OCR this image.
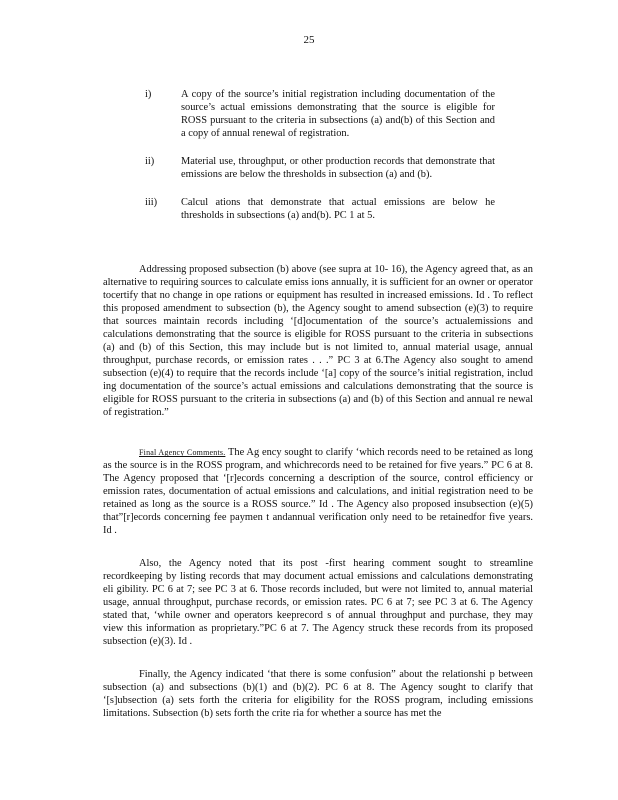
25
i)	A copy of the source’s initial registration including documentation of the source’s actual emissions demonstrating that the source is eligible for ROSS pursuant to the criteria in subsections (a) and(b) of this Section and a copy of annual renewal of registration.
ii)	Material use, throughput, or other production records that demonstrate that emissions are below the thresholds in subsection (a) and (b).
iii)	Calcul ations that demonstrate that actual emissions are below he thresholds in subsections (a) and(b). PC 1 at 5.

Addressing proposed subsection (b) above (see supra at 10- 16), the Agency agreed that, as an alternative to requiring sources to calculate emiss ions annually, it is sufficient for an owner or operator tocertify that no change in ope rations or equipment has resulted in increased emissions. Id . To reflect this proposed amendment to subsection (b), the Agency sought to amend subsection (e)(3) to require that sources maintain records including ‘[d]ocumentation of the source’s actualemissions and calculations demonstrating that the source is eligible for ROSS pursuant to the criteria in subsections (a) and (b) of this Section, this may include but is not limited to, annual material usage, annual throughput, purchase records, or emission rates . . .” PC 3 at 6.The Agency also sought to amend subsection (e)(4) to require that the records include ‘[a] copy of the source’s initial registration, includ ing documentation of the source’s actual emissions and calculations demonstrating that the source is eligible for ROSS pursuant to the criteria in subsections (a) and (b) of this Section and annual re newal of registration.”

Final Agency Comments. The Ag ency sought to clarify ‘which records need to be retained as long as the source is in the ROSS program, and whichrecords need to be retained for five years.” PC 6 at 8. The Agency proposed that ‘[r]ecords concerning a description of the source, control efficiency or emission rates, documentation of actual emissions and calculations, and initial registration need to be retained as long as the source is a ROSS source.” Id . The Agency also proposed insubsection (e)(5) that”[r]ecords concerning fee paymen t andannual verification only need to be retainedfor five years. Id .

Also, the Agency noted that its post -first hearing comment sought to streamline recordkeeping by listing records that may document actual emissions and calculations demonstrating eli gibility. PC 6 at 7; see PC 3 at 6. Those records included, but were not limited to, annual material usage, annual throughput, purchase records, or emission rates. PC 6 at 7; see PC 3 at 6. The Agency stated that, ‘while owner and operators keeprecord s of annual throughput and purchase, they may view this information as proprietary.”PC 6 at 7. The Agency struck these records from its proposed subsection (e)(3). Id .

Finally, the Agency indicated ‘that there is some confusion” about the relationshi p between subsection (a) and subsections (b)(1) and (b)(2). PC 6 at 8. The Agency sought to clarify that ‘[s]ubsection (a) sets forth the criteria for eligibility for the ROSS program, including emissions limitations. Subsection (b) sets forth the crite ria for whether a source has met the
